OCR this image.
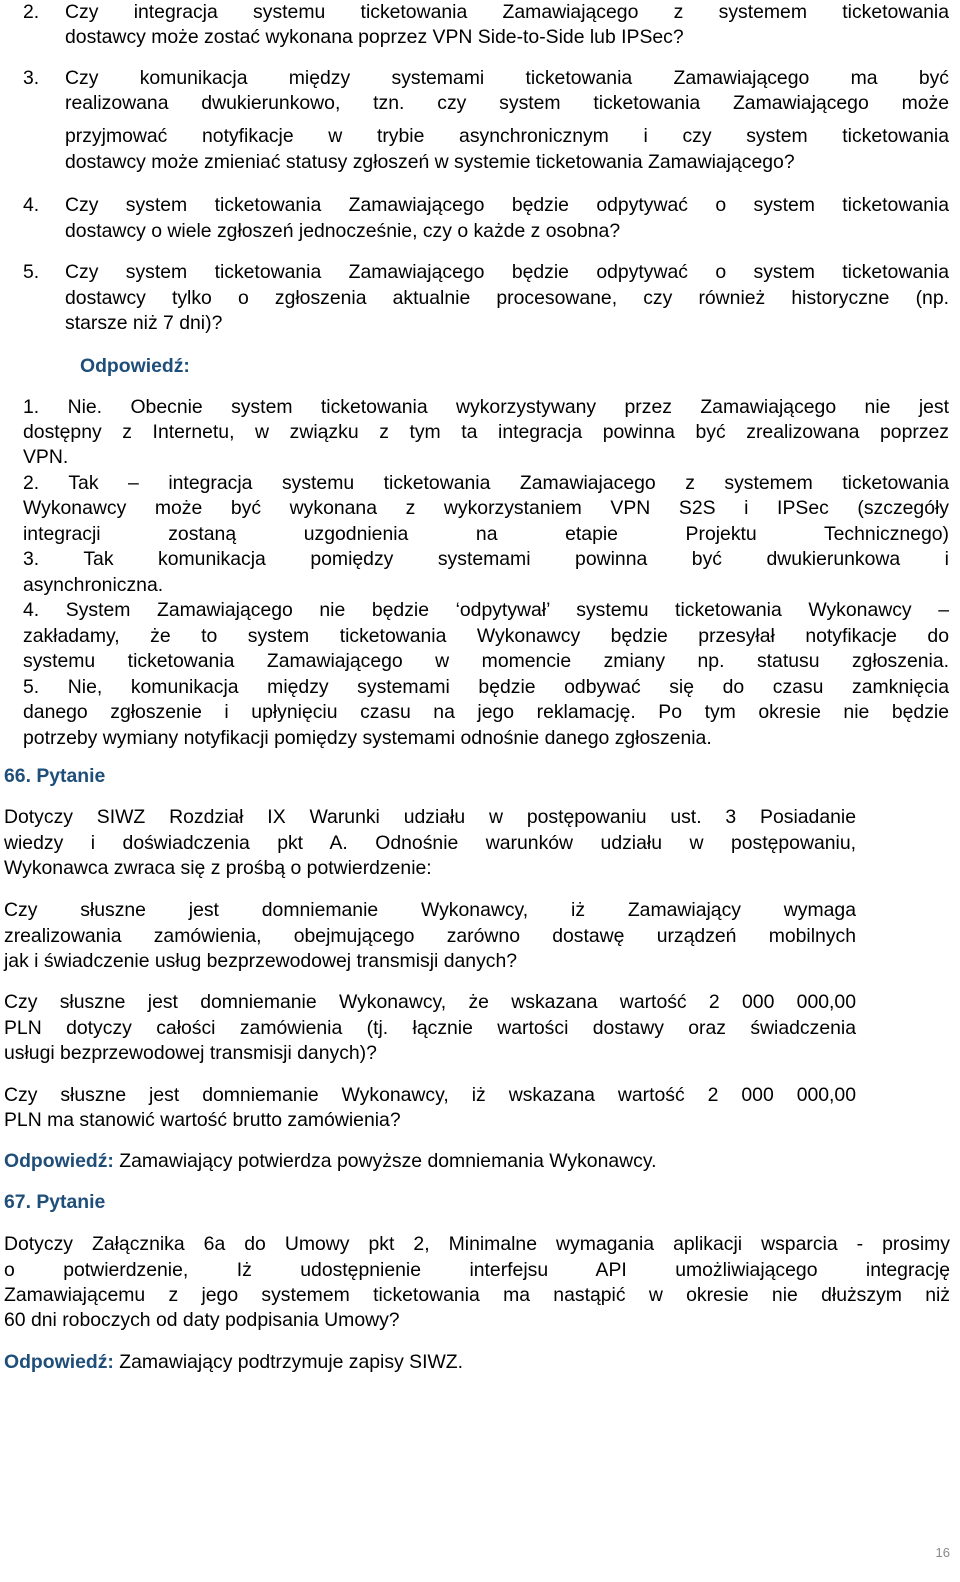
2. Czy integracja systemu ticketowania Zamawiającego z systemem ticketowania
dostawcy może zostać wykonana poprzez VPN Side-to-Side lub IPSec?
3. Czy komunikacja między systemami ticketowania Zamawiającego ma być
realizowana dwukierunkowo, tzn. czy system ticketowania Zamawiającego może
przyjmować notyfikacje w trybie asynchronicznym i czy system ticketowania
dostawcy może zmieniać statusy zgłoszeń w systemie ticketowania Zamawiającego?
4. Czy system ticketowania Zamawiającego będzie odpytywać o system ticketowania
dostawcy o wiele zgłoszeń jednocześnie, czy o każde z osobna?
5. Czy system ticketowania Zamawiającego będzie odpytywać o system ticketowania
dostawcy tylko o zgłoszenia aktualnie procesowane, czy również historyczne (np.
starsze niż 7 dni)?
Odpowiedź:
1. Nie. Obecnie system ticketowania wykorzystywany przez Zamawiającego nie jest
dostępny z Internetu, w związku z tym ta integracja powinna być zrealizowana poprzez
VPN.
2. Tak – integracja systemu ticketowania Zamawiajacego z systemem ticketowania
Wykonawcy może być wykonana z wykorzystaniem VPN S2S i IPSec (szczegóły
integracji zostaną uzgodnienia na etapie Projektu Technicznego)
3. Tak komunikacja pomiędzy systemami powinna być dwukierunkowa i
asynchroniczna.
4. System Zamawiającego nie będzie ‘odpytywał’ systemu ticketowania Wykonawcy –
zakładamy, że to system ticketowania Wykonawcy będzie przesyłał notyfikacje do
systemu ticketowania Zamawiającego w momencie zmiany np. statusu zgłoszenia.
5. Nie, komunikacja między systemami będzie odbywać się do czasu zamknięcia
danego zgłoszenie i upłynięciu czasu na jego reklamację. Po tym okresie nie będzie
potrzeby wymiany notyfikacji pomiędzy systemami odnośnie danego zgłoszenia.
66. Pytanie
Dotyczy SIWZ Rozdział IX Warunki udziału w postępowaniu ust. 3 Posiadanie
wiedzy i doświadczenia pkt A. Odnośnie warunków udziału w postępowaniu,
Wykonawca zwraca się z prośbą o potwierdzenie:
Czy słuszne jest domniemanie Wykonawcy, iż Zamawiający wymaga
zrealizowania zamówienia, obejmującego zarówno dostawę urządzeń mobilnych
jak i świadczenie usług bezprzewodowej transmisji danych?
Czy słuszne jest domniemanie Wykonawcy, że wskazana wartość 2 000 000,00
PLN dotyczy całości zamówienia (tj. łącznie wartości dostawy oraz świadczenia
usługi bezprzewodowej transmisji danych)?
Czy słuszne jest domniemanie Wykonawcy, iż wskazana wartość 2 000 000,00
PLN ma stanowić wartość brutto zamówienia?
Odpowiedź: Zamawiający potwierdza powyższe domniemania Wykonawcy.
67. Pytanie
Dotyczy Załącznika 6a do Umowy pkt 2, Minimalne wymagania aplikacji wsparcia - prosimy
o potwierdzenie, Iż udostępnienie interfejsu API umożliwiającego integrację
Zamawiającemu z jego systemem ticketowania ma nastąpić w okresie nie dłuższym niż
60 dni roboczych od daty podpisania Umowy?
Odpowiedź: Zamawiający podtrzymuje zapisy SIWZ.
16
